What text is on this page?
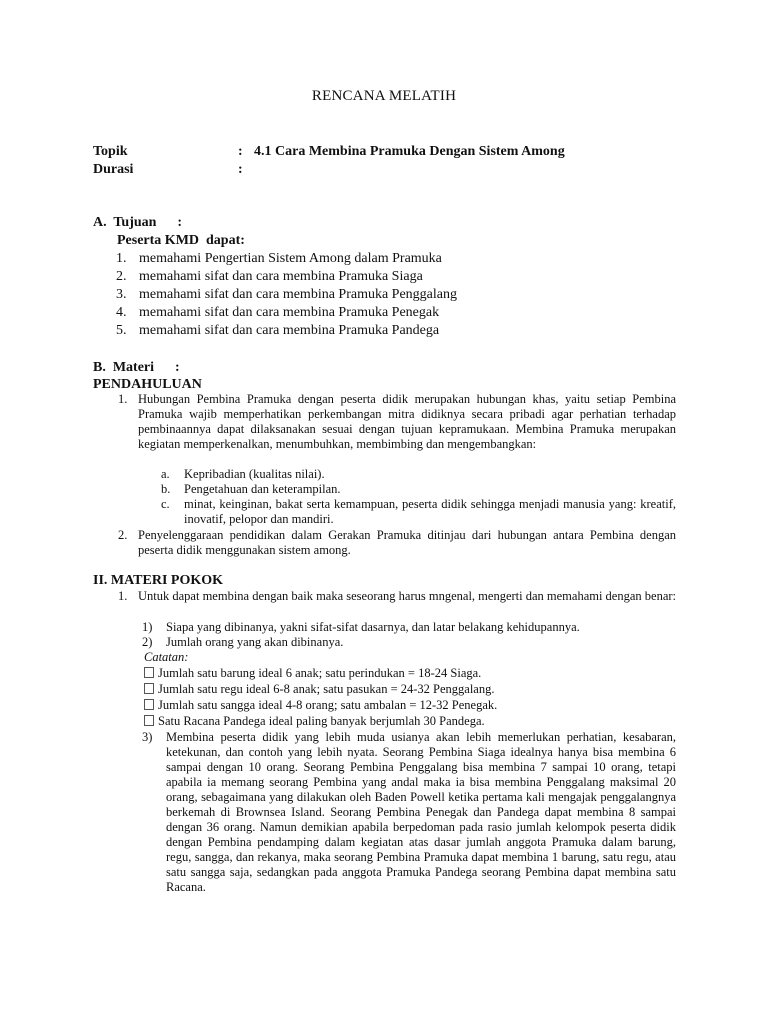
RENCANA MELATIH
Topik	: 4.1 Cara Membina Pramuka Dengan Sistem Among
Durasi	:
A.  Tujuan      :
Peserta KMD  dapat:
1. memahami Pengertian Sistem Among dalam Pramuka
2. memahami sifat dan cara membina Pramuka Siaga
3. memahami sifat dan cara membina Pramuka Penggalang
4. memahami sifat dan cara membina Pramuka Penegak
5. memahami sifat dan cara membina Pramuka Pandega
B.  Materi      :
PENDAHULUAN
1. Hubungan Pembina Pramuka dengan peserta didik merupakan hubungan khas, yaitu setiap Pembina Pramuka wajib memperhatikan perkembangan mitra didiknya secara pribadi agar perhatian terhadap pembinaannya dapat dilaksanakan sesuai dengan tujuan kepramukaan. Membina Pramuka merupakan kegiatan memperkenalkan, menumbuhkan, membimbing dan mengembangkan:
a. Kepribadian (kualitas nilai).
b. Pengetahuan dan keterampilan.
c. minat, keinginan, bakat serta kemampuan, peserta didik sehingga menjadi manusia yang: kreatif, inovatif, pelopor dan mandiri.
2. Penyelenggaraan pendidikan dalam Gerakan Pramuka ditinjau dari hubungan antara Pembina dengan peserta didik menggunakan sistem among.
II. MATERI POKOK
1. Untuk dapat membina dengan baik maka seseorang harus mngenal, mengerti dan memahami dengan benar:
1) Siapa yang dibinanya, yakni sifat-sifat dasarnya, dan latar belakang kehidupannya.
2) Jumlah orang yang akan dibinanya.
Catatan:
Jumlah satu barung ideal 6 anak; satu perindukan = 18-24 Siaga.
Jumlah satu regu ideal 6-8 anak; satu pasukan = 24-32 Penggalang.
Jumlah satu sangga ideal 4-8 orang; satu ambalan = 12-32 Penegak.
Satu Racana Pandega ideal paling banyak berjumlah 30 Pandega.
3) Membina peserta didik yang lebih muda usianya akan lebih memerlukan perhatian, kesabaran, ketekunan, dan contoh yang lebih nyata. Seorang Pembina Siaga idealnya hanya bisa membina 6 sampai dengan 10 orang. Seorang Pembina Penggalang bisa membina 7 sampai 10 orang, tetapi apabila ia memang seorang Pembina yang andal maka ia bisa membina Penggalang maksimal 20 orang, sebagaimana yang dilakukan oleh Baden Powell ketika pertama kali mengajak penggalangnya berkemah di Brownsea Island. Seorang Pembina Penegak dan Pandega dapat membina 8 sampai dengan 36 orang. Namun demikian apabila berpedoman pada rasio jumlah kelompok peserta didik dengan Pembina pendamping dalam kegiatan atas dasar jumlah anggota Pramuka dalam barung, regu, sangga, dan rekanya, maka seorang Pembina Pramuka dapat membina 1 barung, satu regu, atau satu sangga saja, sedangkan pada anggota Pramuka Pandega seorang Pembina dapat membina satu Racana.
